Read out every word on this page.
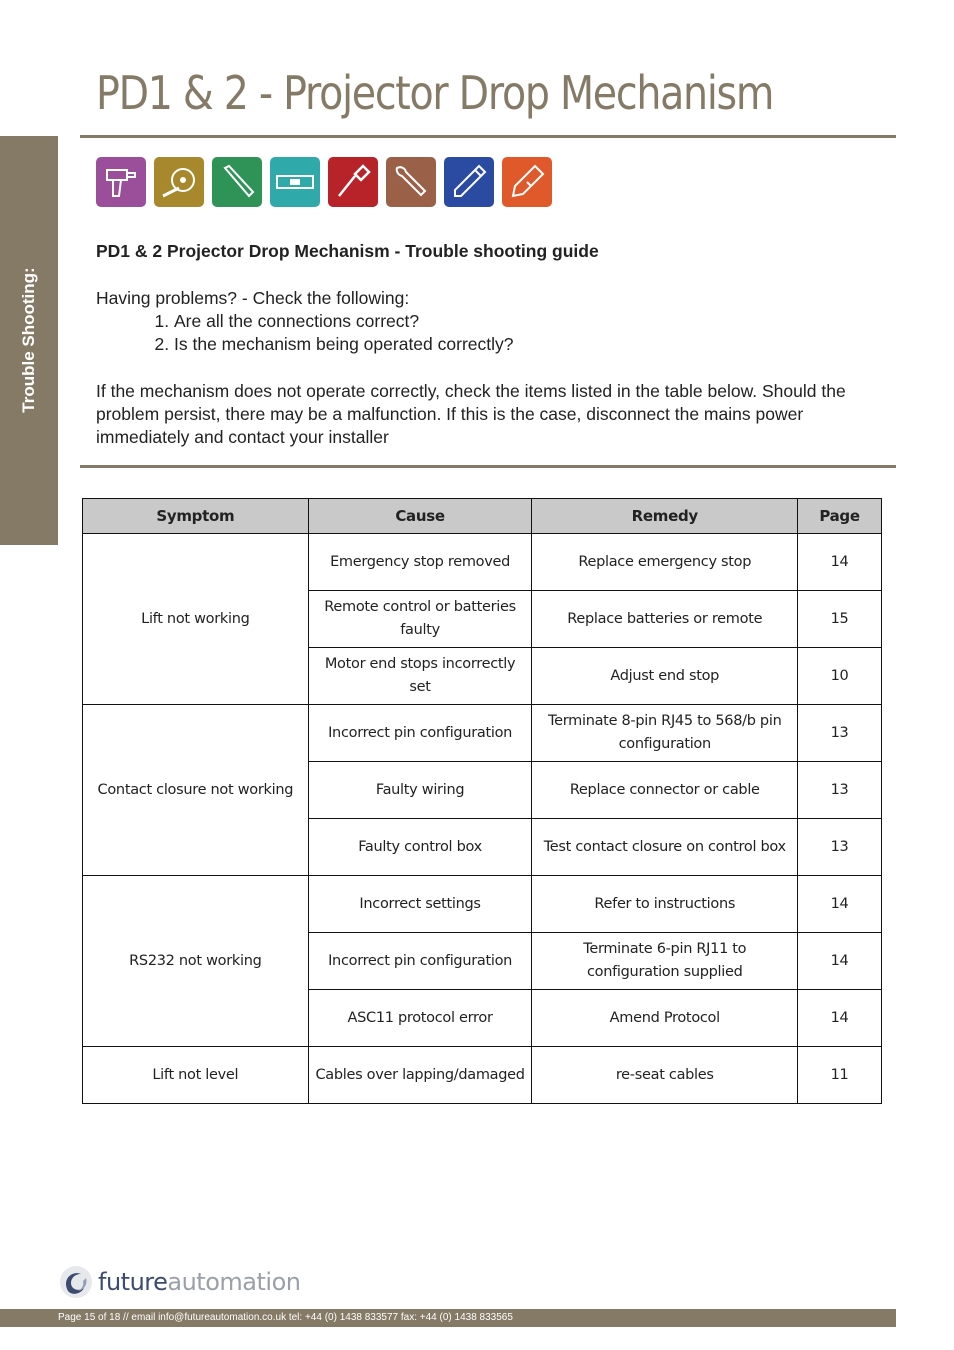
PD1 & 2 - Projector Drop Mechanism
Trouble Shooting:
PD1 & 2 Projector Drop Mechanism - Trouble shooting guide

Having problems? - Check the following:

1. Are all the connections correct?
2. Is the mechanism being operated correctly?

If the mechanism does not operate correctly, check the items listed in the table below. Should the problem persist, there may be a malfunction. If this is the case, disconnect the mains power immediately and contact your installer

Symptom	Cause	Remedy	Page
Lift not working	Emergency stop removed	Replace emergency stop	14
	Remote control or batteries faulty	Replace batteries or remote	15
	Motor end stops incorrectly set	Adjust end stop	10
Contact closure not working	Incorrect pin configuration	Terminate 8-pin RJ45 to 568/b pin configuration	13
	Faulty wiring	Replace connector or cable	13
	Faulty control box	Test contact closure on control box	13
RS232 not working	Incorrect settings	Refer to instructions	14
	Incorrect pin configuration	Terminate 6-pin RJ11 to configuration supplied	14
	ASC11 protocol error	Amend Protocol	14
Lift not level	Cables over lapping/damaged	re-seat cables	11
futureautomation
Page 15 of 18 // email info@futureautomation.co.uk tel: +44 (0) 1438 833577 fax: +44 (0) 1438 833565
